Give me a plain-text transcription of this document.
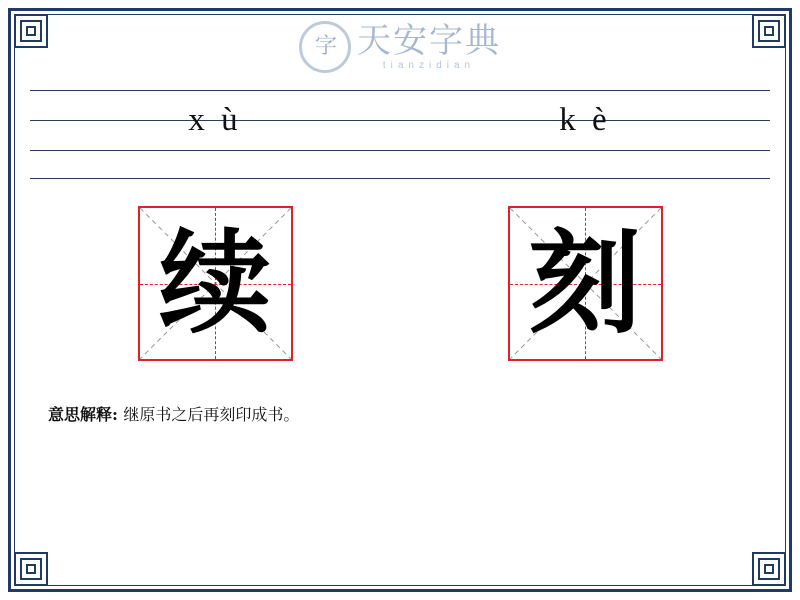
字 天安字典
tianzidian
x ù	k è
续 刻
意思解释: 继原书之后再刻印成书。
